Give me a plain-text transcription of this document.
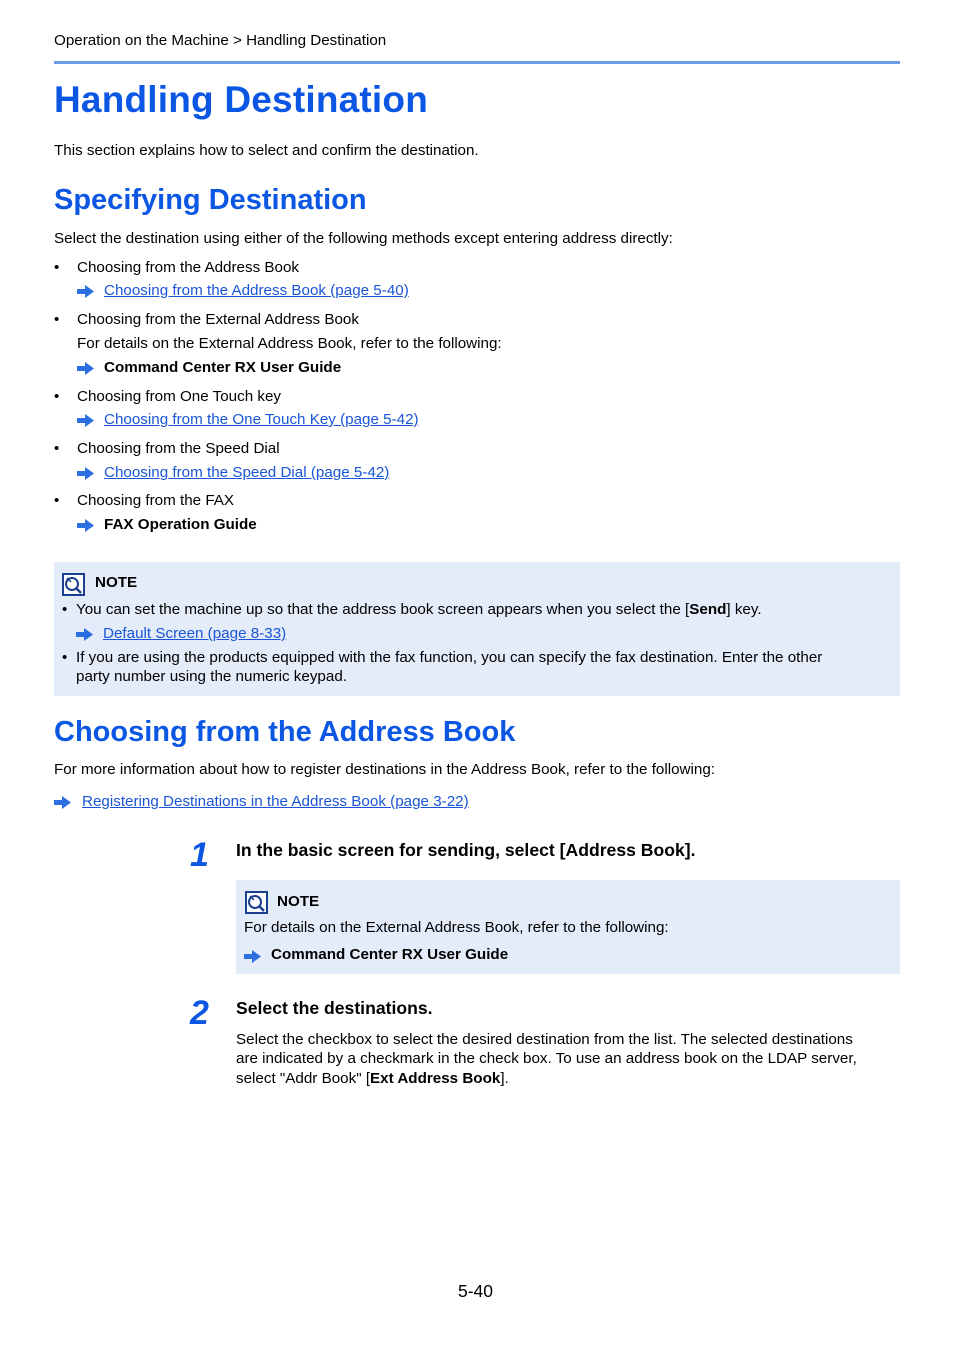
Operation on the Machine > Handling Destination
Handling Destination
This section explains how to select and confirm the destination.
Specifying Destination
Select the destination using either of the following methods except entering address directly:
• Choosing from the Address Book
Choosing from the Address Book (page 5-40)
• Choosing from the External Address Book
For details on the External Address Book, refer to the following:
Command Center RX User Guide
• Choosing from One Touch key
Choosing from the One Touch Key (page 5-42)
• Choosing from the Speed Dial
Choosing from the Speed Dial (page 5-42)
• Choosing from the FAX
FAX Operation Guide
NOTE
• You can set the machine up so that the address book screen appears when you select the [Send] key.
Default Screen (page 8-33)
• If you are using the products equipped with the fax function, you can specify the fax destination. Enter the other
party number using the numeric keypad.
Choosing from the Address Book
For more information about how to register destinations in the Address Book, refer to the following:
Registering Destinations in the Address Book (page 3-22)
1 In the basic screen for sending, select [Address Book].
NOTE
For details on the External Address Book, refer to the following:
Command Center RX User Guide
2 Select the destinations.
Select the checkbox to select the desired destination from the list. The selected destinations
are indicated by a checkmark in the check box. To use an address book on the LDAP server,
select "Addr Book" [Ext Address Book].
5-40
